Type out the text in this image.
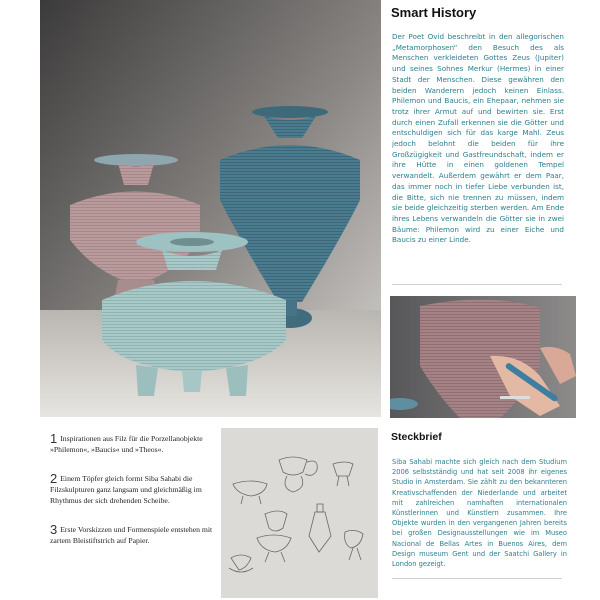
Smart History
Der Poet Ovid beschreibt in den allegorischen „Metamorphosen“ den Besuch des als Menschen verkleideten Gottes Zeus (Jupiter) und seines Sohnes Merkur (Hermes) in einer Stadt der Menschen. Diese gewähren den beiden Wanderern jedoch keinen Einlass. Philemon und Baucis, ein Ehepaar, nehmen sie trotz ihrer Armut auf und bewirten sie. Erst durch einen Zufall erkennen sie die Götter und entschuldigen sich für das karge Mahl. Zeus jedoch belohnt die beiden für ihre Großzügigkeit und Gastfreundschaft, indem er ihre Hütte in einen goldenen Tempel verwandelt. Außerdem gewährt er dem Paar, das immer noch in tiefer Liebe verbunden ist, die Bitte, sich nie trennen zu müssen, indem sie beide gleichzeitig sterben werden. Am Ende ihres Lebens verwandeln die Götter sie in zwei Bäume: Philemon wird zu einer Eiche und Baucis zu einer Linde.
Steckbrief
Siba Sahabi machte sich gleich nach dem Studium 2006 selbstständig und hat seit 2008 ihr eigenes Studio in Amsterdam. Sie zählt zu den bekannteren Kreativschaffenden der Niederlande und arbeitet mit zahlreichen namhaften internationalen Künstlerinnen und Künstlern zusammen. Ihre Objekte wurden in den vergangenen Jahren bereits bei großen Designausstellungen wie im Museo Nacional de Bellas Artes in Buenos Aires, dem Design museum Gent und der Saatchi Gallery in London gezeigt.
1 Inspirationen aus Filz für die Porzellanobjekte »Philemon«, »Baucis« und »Theos«.
2 Einem Töpfer gleich formt Siba Sahabi die Filzskulpturen ganz langsam und gleichmäßig im Rhythmus der sich drehenden Scheibe.
3 Erste Vorskizzen und Formenspiele entstehen mit zartem Bleistiftstrich auf Papier.
